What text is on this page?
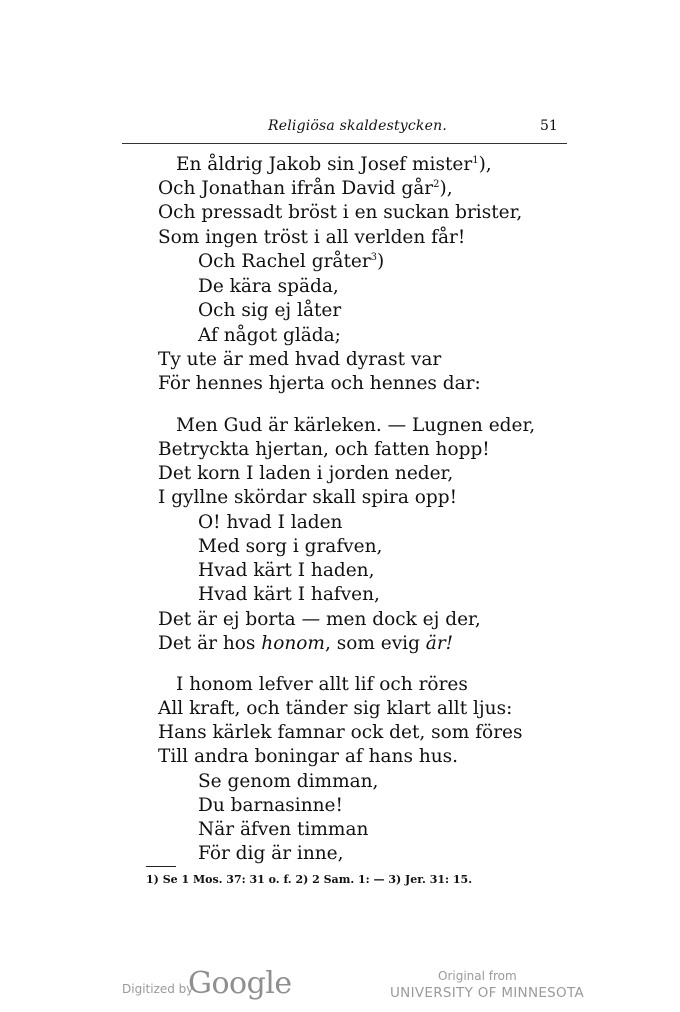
Religiösa skaldestycken.	51
En åldrig Jakob sin Josef mister$^1$),
Och Jonathan ifrån David går$^2$),
Och pressadt bröst i en suckan brister,
Som ingen tröst i all verlden får!
Och Rachel gråter$^3$)
De kära späda,
Och sig ej låter
Af något gläda;
Ty ute är med hvad dyrast var
För hennes hjerta och hennes dar:
Men Gud är kärleken. — Lugnen eder,
Betryckta hjertan, och fatten hopp!
Det korn I laden i jorden neder,
I gyllne skördar skall spira opp!
O! hvad I laden
Med sorg i grafven,
Hvad kärt I haden,
Hvad kärt I hafven,
Det är ej borta — men dock ej der,
Det är hos honom, som evig är!
I honom lefver allt lif och röres
All kraft, och tänder sig klart allt ljus:
Hans kärlek famnar ock det, som föres
Till andra boningar af hans hus.
Se genom dimman,
Du barnasinne!
När äfven timman
För dig är inne,
1) Se 1 Mos. 37: 31 o. f. 2) 2 Sam. 1: — 3) Jer. 31: 15.
Digitized by
Google	Original from
UNIVERSITY OF MINNESOTA
